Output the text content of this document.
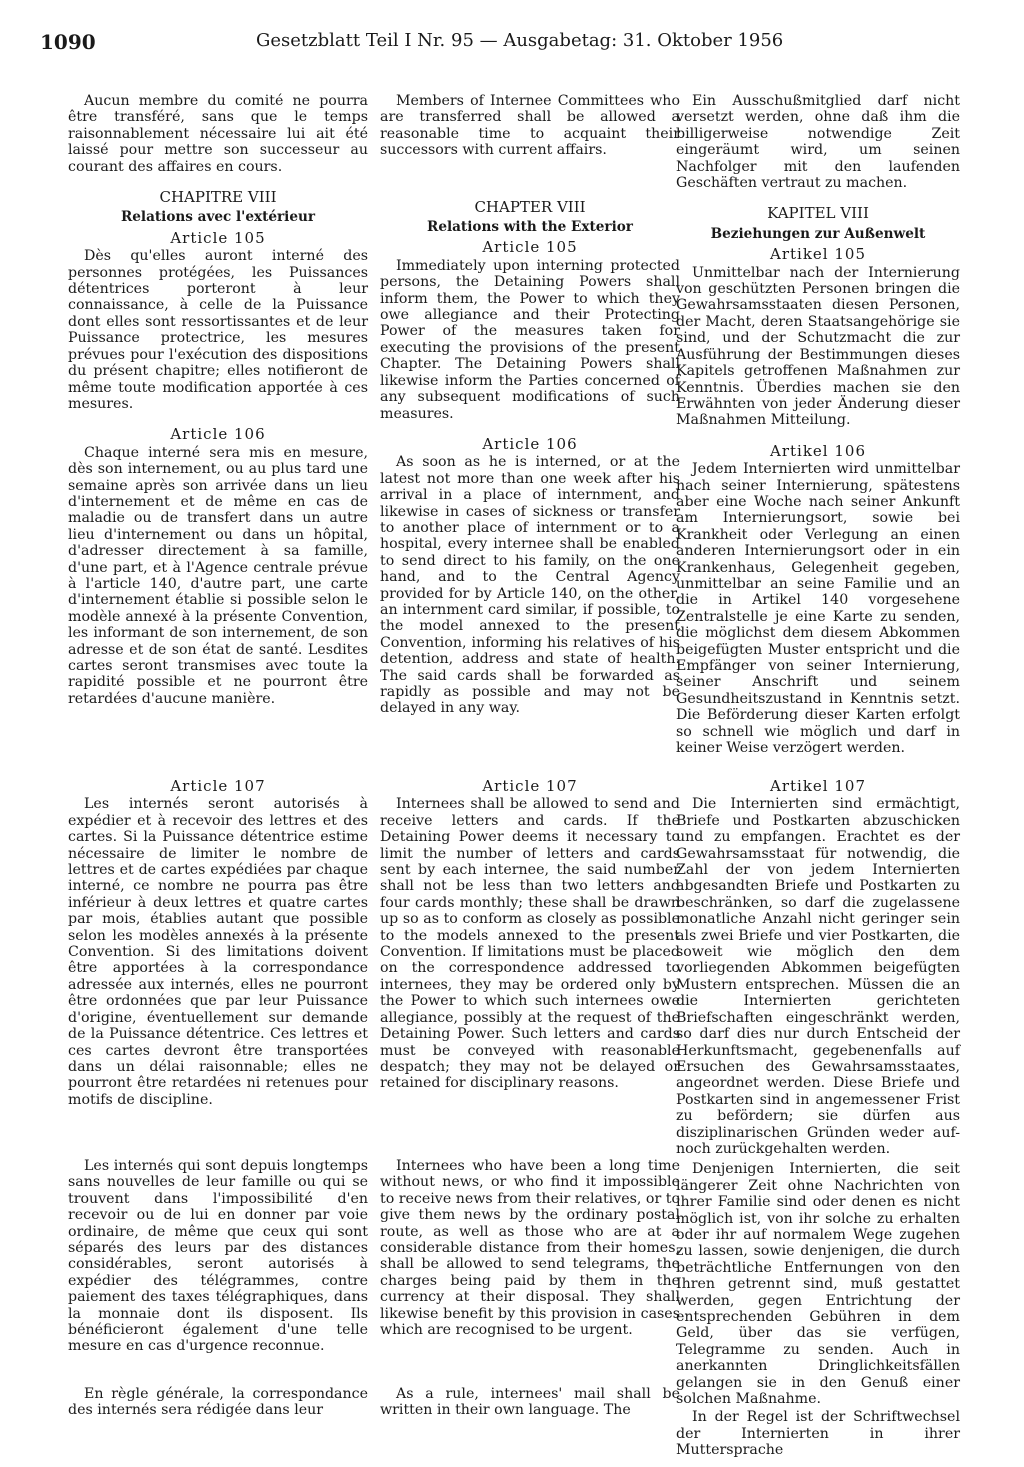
1090	Gesetzblatt Teil I Nr. 95 — Ausgabetag: 31. Oktober 1956

Aucun membre du comité ne pourra être transféré, sans que le temps raisonnablement nécessaire lui ait été laissé pour mettre son successeur au courant des affaires en cours.

CHAPITRE VIII
Relations avec l'extérieur
Article 105

Dès qu'elles auront interné des personnes protégées, les Puissances détentrices porteront à leur connaissance, à celle de la Puissance dont elles sont ressortissantes et de leur Puissance protectrice, les mesures prévues pour l'exécution des dispositions du présent chapitre; elles notifieront de même toute modification apportée à ces mesures.

Article 106

Chaque interné sera mis en mesure, dès son internement, ou au plus tard une semaine après son arrivée dans un lieu d'internement et de même en cas de maladie ou de transfert dans un autre lieu d'internement ou dans un hôpital, d'adresser directement à sa famille, d'une part, et à l'Agence centrale prévue à l'article 140, d'autre part, une carte d'internement établie si possible selon le modèle annexé à la présente Convention, les informant de son internement, de son adresse et de son état de santé. Lesdites cartes seront transmises avec toute la rapidité possible et ne pourront être retardées d'aucune manière.

Article 107

Les internés seront autorisés à expédier et à recevoir des lettres et des cartes. Si la Puissance détentrice estime nécessaire de limiter le nombre de lettres et de cartes expédiées par chaque interné, ce nombre ne pourra pas être inférieur à deux lettres et quatre cartes par mois, établies autant que possible selon les modèles annexés à la présente Convention. Si des limitations doivent être apportées à la correspondance adressée aux internés, elles ne pourront être ordonnées que par leur Puissance d'origine, éventuellement sur demande de la Puissance détentrice. Ces lettres et ces cartes devront être transportées dans un délai raisonnable; elles ne pourront être retardées ni retenues pour motifs de discipline.

Les internés qui sont depuis longtemps sans nouvelles de leur famille ou qui se trouvent dans l'impossibilité d'en recevoir ou de lui en donner par voie ordinaire, de même que ceux qui sont séparés des leurs par des distances considérables, seront autorisés à expédier des télégrammes, contre paiement des taxes télégraphiques, dans la monnaie dont ils disposent. Ils bénéficieront également d'une telle mesure en cas d'urgence reconnue.

En règle générale, la correspondance des internés sera rédigée dans leur

Members of Internee Committees who are transferred shall be allowed a reasonable time to acquaint their successors with current affairs.

CHAPTER VIII
Relations with the Exterior
Article 105

Immediately upon interning protected persons, the Detaining Powers shall inform them, the Power to which they owe allegiance and their Protecting Power of the measures taken for executing the provisions of the present Chapter. The Detaining Powers shall likewise inform the Parties concerned of any subsequent modifications of such measures.

Article 106

As soon as he is interned, or at the latest not more than one week after his arrival in a place of internment, and likewise in cases of sickness or transfer to another place of internment or to a hospital, every internee shall be enabled to send direct to his family, on the one hand, and to the Central Agency provided for by Article 140, on the other, an internment card similar, if possible, to the model annexed to the present Convention, informing his relatives of his detention, address and state of health. The said cards shall be forwarded as rapidly as possible and may not be delayed in any way.

Article 107

Internees shall be allowed to send and receive letters and cards. If the Detaining Power deems it necessary to limit the number of letters and cards sent by each internee, the said number shall not be less than two letters and four cards monthly; these shall be drawn up so as to conform as closely as possible to the models annexed to the present Convention. If limitations must be placed on the correspondence addressed to internees, they may be ordered only by the Power to which such internees owe allegiance, possibly at the request of the Detaining Power. Such letters and cards must be conveyed with reasonable despatch; they may not be delayed or retained for disciplinary reasons.

Internees who have been a long time without news, or who find it impossible to receive news from their relatives, or to give them news by the ordinary postal route, as well as those who are at a considerable distance from their homes, shall be allowed to send telegrams, the charges being paid by them in the currency at their disposal. They shall likewise benefit by this provision in cases which are recognised to be urgent.

As a rule, internees' mail shall be written in their own language. The

Ein Ausschußmitglied darf nicht versetzt werden, ohne daß ihm die billigerweise notwendige Zeit eingeräumt wird, um seinen Nachfolger mit den laufenden Geschäften vertraut zu machen.

KAPITEL VIII
Beziehungen zur Außenwelt
Artikel 105

Unmittelbar nach der Internierung von geschützten Personen bringen die Gewahrsamsstaaten diesen Personen, der Macht, deren Staatsangehörige sie sind, und der Schutzmacht die zur Ausführung der Bestimmungen dieses Kapitels getroffenen Maßnahmen zur Kenntnis. Überdies machen sie den Erwähnten von jeder Änderung dieser Maßnahmen Mitteilung.

Artikel 106

Jedem Internierten wird unmittelbar nach seiner Internierung, spätestens aber eine Woche nach seiner Ankunft am Internierungsort, sowie bei Krankheit oder Verlegung an einen anderen Internierungsort oder in ein Krankenhaus, Gelegenheit gegeben, unmittelbar an seine Familie und an die in Artikel 140 vorgesehene Zentralstelle je eine Karte zu senden, die möglichst dem diesem Abkommen beigefügten Muster entspricht und die Empfänger von seiner Internierung, seiner Anschrift und seinem Gesundheitszustand in Kenntnis setzt. Die Beförderung dieser Karten erfolgt so schnell wie möglich und darf in keiner Weise verzögert werden.

Artikel 107

Die Internierten sind ermächtigt, Briefe und Postkarten abzuschicken und zu empfangen. Erachtet es der Gewahrsamsstaat für notwendig, die Zahl der von jedem Internierten abgesandten Briefe und Postkarten zu beschränken, so darf die zugelassene monatliche Anzahl nicht geringer sein als zwei Briefe und vier Postkarten, die soweit wie möglich den dem vorliegenden Abkommen beigefügten Mustern entsprechen. Müssen die an die Internierten gerichteten Briefschaften eingeschränkt werden, so darf dies nur durch Entscheid der Herkunftsmacht, gegebenenfalls auf Ersuchen des Gewahrsamsstaates, angeordnet werden. Diese Briefe und Postkarten sind in angemessener Frist zu befördern; sie dürfen aus disziplinarischen Gründen weder auf- noch zurückgehalten werden.

Denjenigen Internierten, die seit längerer Zeit ohne Nachrichten von ihrer Familie sind oder denen es nicht möglich ist, von ihr solche zu erhalten oder ihr auf normalem Wege zugehen zu lassen, sowie denjenigen, die durch beträchtliche Entfernungen von den Ihren getrennt sind, muß gestattet werden, gegen Entrichtung der entsprechenden Gebühren in dem Geld, über das sie verfügen, Telegramme zu senden. Auch in anerkannten Dringlichkeitsfällen gelangen sie in den Genuß einer solchen Maßnahme.

In der Regel ist der Schriftwechsel der Internierten in ihrer Muttersprache
